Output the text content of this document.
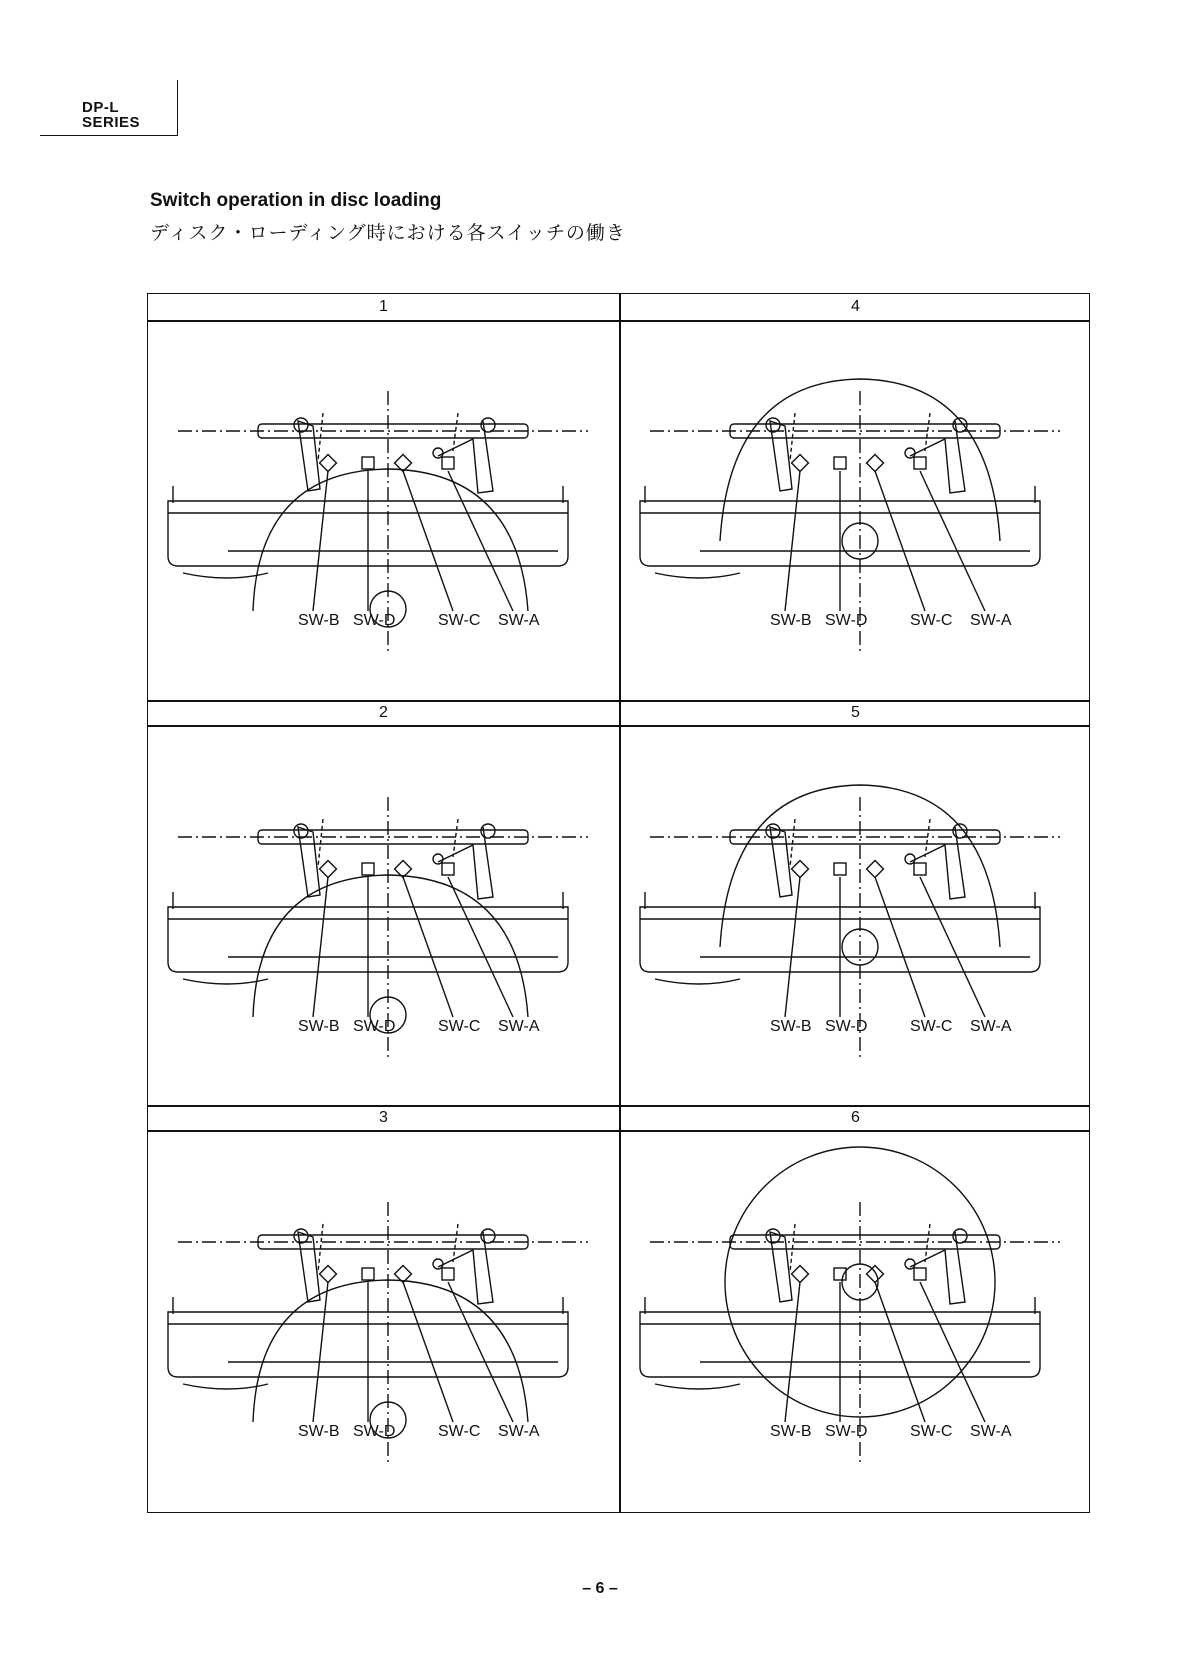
DP-L
SERIES
Switch operation in disc loading
ディスク・ローディング時における各スイッチの働き
1
SW-B SW-D	SW-C SW-A
4
SW-B SW-D	SW-C SW-A
2
SW-B SW-D	SW-C SW-A
5
SW-B SW-D	SW-C SW-A
3
SW-B SW-D	SW-C SW-A
6
SW-B SW-D	SW-C SW-A
– 6 –
